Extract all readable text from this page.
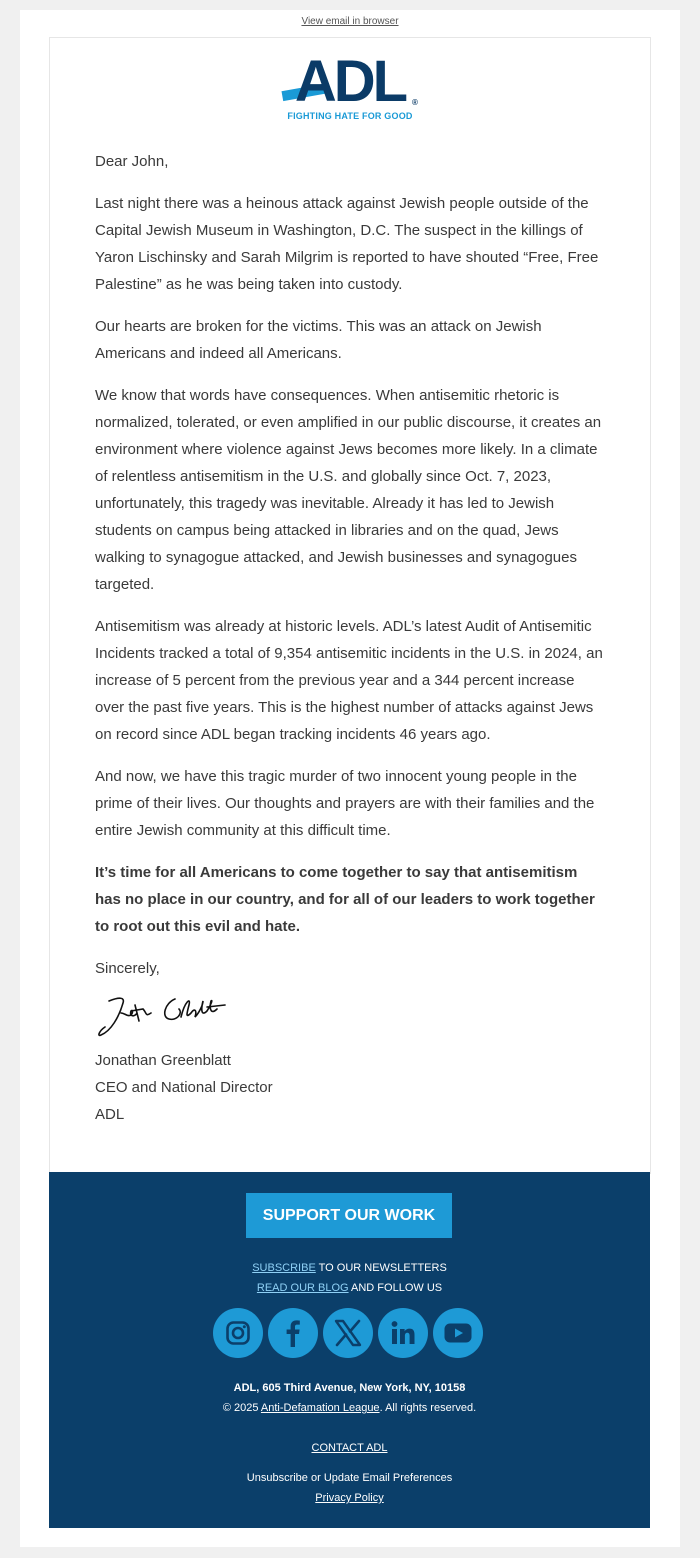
View email in browser
ADL ®
FIGHTING HATE FOR GOOD

Dear John,

Last night there was a heinous attack against Jewish people outside of the Capital Jewish Museum in Washington, D.C. The suspect in the killings of Yaron Lischinsky and Sarah Milgrim is reported to have shouted “Free, Free Palestine” as he was being taken into custody.

Our hearts are broken for the victims. This was an attack on Jewish Americans and indeed all Americans.

We know that words have consequences. When antisemitic rhetoric is normalized, tolerated, or even amplified in our public discourse, it creates an environment where violence against Jews becomes more likely. In a climate of relentless antisemitism in the U.S. and globally since Oct. 7, 2023, unfortunately, this tragedy was inevitable. Already it has led to Jewish students on campus being attacked in libraries and on the quad, Jews walking to synagogue attacked, and Jewish businesses and synagogues targeted.

Antisemitism was already at historic levels. ADL’s latest Audit of Antisemitic Incidents tracked a total of 9,354 antisemitic incidents in the U.S. in 2024, an increase of 5 percent from the previous year and a 344 percent increase over the past five years. This is the highest number of attacks against Jews on record since ADL began tracking incidents 46 years ago.

And now, we have this tragic murder of two innocent young people in the prime of their lives. Our thoughts and prayers are with their families and the entire Jewish community at this difficult time.

It’s time for all Americans to come together to say that antisemitism has no place in our country, and for all of our leaders to work together to root out this evil and hate.

Sincerely,

Jonathan Greenblatt
CEO and National Director
ADL
SUPPORT OUR WORK
SUBSCRIBE TO OUR NEWSLETTERS
READ OUR BLOG AND FOLLOW US
ADL, 605 Third Avenue, New York, NY, 10158
© 2025 Anti-Defamation League. All rights reserved.
CONTACT ADL
Unsubscribe or Update Email Preferences
Privacy Policy
